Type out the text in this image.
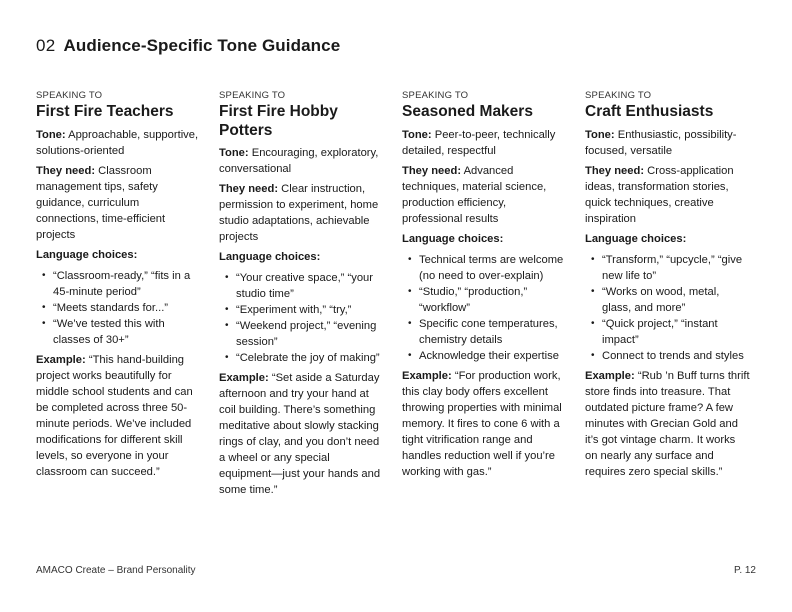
02 Audience-Specific Tone Guidance
SPEAKING TO
First Fire Teachers
Tone: Approachable, supportive, solutions-oriented
They need: Classroom management tips, safety guidance, curriculum connections, time-efficient projects
Language choices:
• “Classroom-ready,” “fits in a 45-minute period”
• “Meets standards for...”
• “We’ve tested this with classes of 30+”
Example: “This hand-building project works beautifully for middle school students and can be completed across three 50-minute periods. We’ve included modifications for different skill levels, so everyone in your classroom can succeed.”
SPEAKING TO
First Fire Hobby Potters
Tone: Encouraging, exploratory, conversational
They need: Clear instruction, permission to experiment, home studio adaptations, achievable projects
Language choices:
• “Your creative space,” “your studio time”
• “Experiment with,” “try,”
• “Weekend project,” “evening session”
• “Celebrate the joy of making”
Example: “Set aside a Saturday afternoon and try your hand at coil building. There’s something meditative about slowly stacking rings of clay, and you don’t need a wheel or any special equipment—just your hands and some time.”
SPEAKING TO
Seasoned Makers
Tone: Peer-to-peer, technically detailed, respectful
They need: Advanced techniques, material science, production efficiency, professional results
Language choices:
• Technical terms are welcome (no need to over-explain)
• “Studio,” “production,” “workflow”
• Specific cone temperatures, chemistry details
• Acknowledge their expertise
Example: “For production work, this clay body offers excellent throwing properties with minimal memory. It fires to cone 6 with a tight vitrification range and handles reduction well if you’re working with gas.”
SPEAKING TO
Craft Enthusiasts
Tone: Enthusiastic, possibility-focused, versatile
They need: Cross-application ideas, transformation stories, quick techniques, creative inspiration
Language choices:
• “Transform,” “upcycle,” “give new life to”
• “Works on wood, metal, glass, and more”
• “Quick project,” “instant impact”
• Connect to trends and styles
Example: “Rub ’n Buff turns thrift store finds into treasure. That outdated picture frame? A few minutes with Grecian Gold and it’s got vintage charm. It works on nearly any surface and requires zero special skills.”
AMACO Create – Brand Personality	P. 12
